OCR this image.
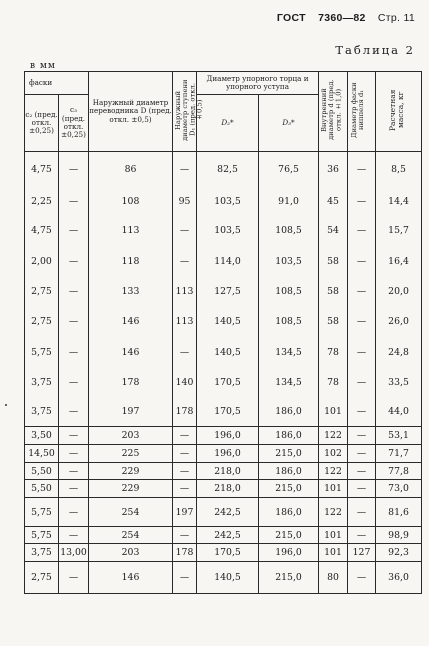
ГОСТ 7360—82 Стр. 11
Таблица 2
в мм
фаски		Наружный диаметр переводника D (пред. откл. ±0,5)	Наружный диаметр ступени D₁ (пред. откл. ±0,5)	Диаметр упорного торца и упорного уступа		Внутренний диаметр d (пред. откл. ±1,0)	Диаметр фаски ниппеля d₁	Расчетная масса, кг
c₂ (пред. откл. ±0,25)	c₃ (пред. откл. ±0,25)			D₂*	D₃*			
4,75	—	86	—	82,5	76,5	36	—	8,5
2,25	—	108	95	103,5	91,0	45	—	14,4
4,75	—	113	—	103,5	108,5	54	—	15,7
2,00	—	118	—	114,0	103,5	58	—	16,4
2,75	—	133	113	127,5	108,5	58	—	20,0
2,75	—	146	113	140,5	108,5	58	—	26,0
5,75	—	146	—	140,5	134,5	78	—	24,8
3,75	—	178	140	170,5	134,5	78	—	33,5
3,75	—	197	178	170,5	186,0	101	—	44,0
3,50	—	203	—	196,0	186,0	122	—	53,1
14,50	—	225	—	196,0	215,0	102	—	71,7
5,50	—	229	—	218,0	186,0	122	—	77,8
5,50	—	229	—	218,0	215,0	101	—	73,0
5,75	—	254	197	242,5	186,0	122	—	81,6
5,75	—	254	—	242,5	215,0	101	—	98,9
3,75	13,00	203	178	170,5	196,0	101	127	92,3
2,75	—	146	—	140,5	215,0	80	—	36,0
